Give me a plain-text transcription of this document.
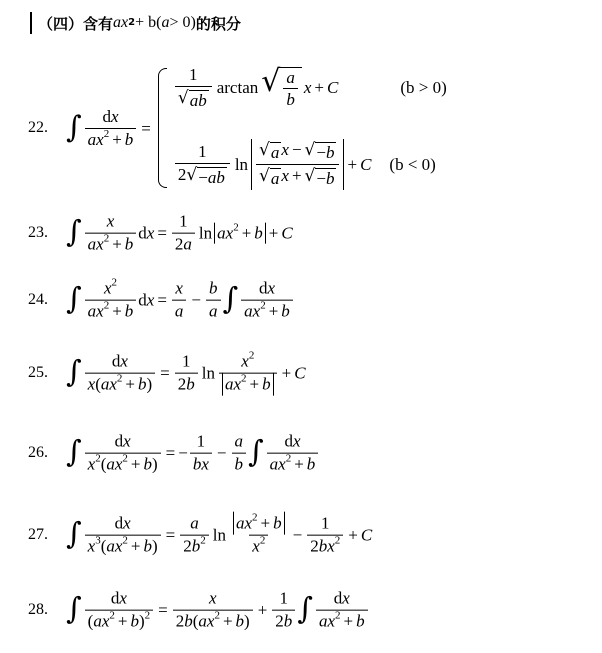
（四）含有 ax 2 + b( a > 0) 的积分
22. ∫ $\frac{dx}{ax^2 + b}$ =
$\frac{1}{√ ab}$ arctan √ $\frac{a}{b}$ x + C	(b > 0)
$\frac{1}{2 √ -ab}$ $\ln \frac{\text{√ a x − √ −b}}{\text{√ a x + √ −b}} + C$ (b < 0)
23. ∫ $\frac{x}{ax^2 + b}$ dx = $\frac{1}{2a}$ $\ln ax^2 + b + C$
24. ∫ $\frac{x^2}{ax^2 + b}$ dx = $\frac{x}{a} - \frac{b}{a}$ ∫ $\frac{dx}{ax^2 + b}$
25. ∫ $\frac{dx}{x(ax^2 + b)} = \frac{1}{2b}$ $\ln \frac{x^2}{ax^2 + b} + C$
26. ∫ $\frac{dx}{x^2(ax^2 + b)}$ = − $\frac{1}{bx} - \frac{a}{b}$ ∫ $\frac{dx}{ax^2 + b}$
27. ∫ $\frac{dx}{x^3(ax^2 + b)} = \frac{a}{2b^2}$ $\ln \frac{ax^2 + b}{x^2} - \frac{1}{2bx^2} + C$
28. ∫ $\frac{dx}{(ax^2 + b)^2} = \frac{x}{2b(ax^2 + b)} + \frac{1}{2b}$ ∫ $\frac{dx}{ax^2 + b}$
